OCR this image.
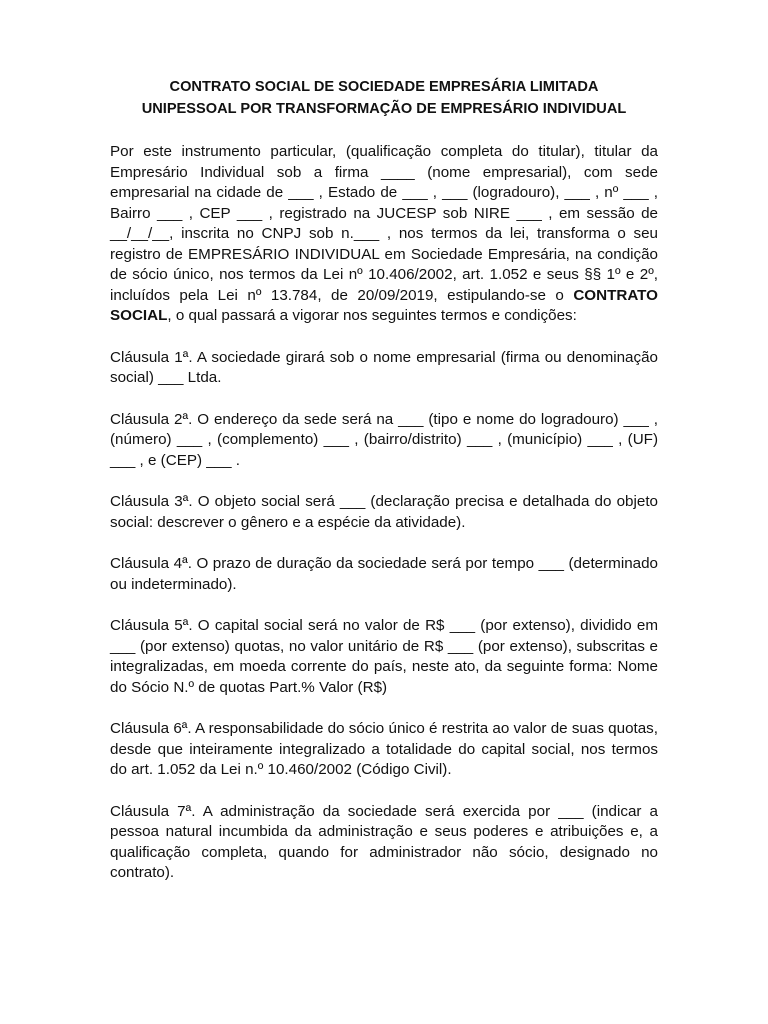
CONTRATO SOCIAL DE SOCIEDADE EMPRESÁRIA LIMITADA
UNIPESSOAL POR TRANSFORMAÇÃO DE EMPRESÁRIO INDIVIDUAL

Por este instrumento particular, (qualificação completa do titular), titular da Empresário Individual sob a firma ____ (nome empresarial), com sede empresarial na cidade de ___ , Estado de ___ , ___ (logradouro), ___ , nº ___ , Bairro ___ , CEP ___ , registrado na JUCESP sob NIRE ___ , em sessão de __/__/__, inscrita no CNPJ sob n.___ , nos termos da lei, transforma o seu registro de EMPRESÁRIO INDIVIDUAL em Sociedade Empresária, na condição de sócio único, nos termos da Lei nº 10.406/2002, art. 1.052 e seus §§ 1º e 2º, incluídos pela Lei nº 13.784, de 20/09/2019, estipulando-se o CONTRATO SOCIAL, o qual passará a vigorar nos seguintes termos e condições:

Cláusula 1ª. A sociedade girará sob o nome empresarial (firma ou denominação social) ___ Ltda.

Cláusula 2ª. O endereço da sede será na ___ (tipo e nome do logradouro) ___ , (número) ___ , (complemento) ___ , (bairro/distrito) ___ , (município) ___ , (UF) ___ , e (CEP) ___ .

Cláusula 3ª. O objeto social será ___ (declaração precisa e detalhada do objeto social: descrever o gênero e a espécie da atividade).

Cláusula 4ª. O prazo de duração da sociedade será por tempo ___ (determinado ou indeterminado).

Cláusula 5ª. O capital social será no valor de R$ ___ (por extenso), dividido em ___ (por extenso) quotas, no valor unitário de R$ ___ (por extenso), subscritas e integralizadas, em moeda corrente do país, neste ato, da seguinte forma: Nome do Sócio N.º de quotas Part.% Valor (R$)

Cláusula 6ª. A responsabilidade do sócio único é restrita ao valor de suas quotas, desde que inteiramente integralizado a totalidade do capital social, nos termos do art. 1.052 da Lei n.º 10.460/2002 (Código Civil).

Cláusula 7ª. A administração da sociedade será exercida por ___ (indicar a pessoa natural incumbida da administração e seus poderes e atribuições e, a qualificação completa, quando for administrador não sócio, designado no contrato).
